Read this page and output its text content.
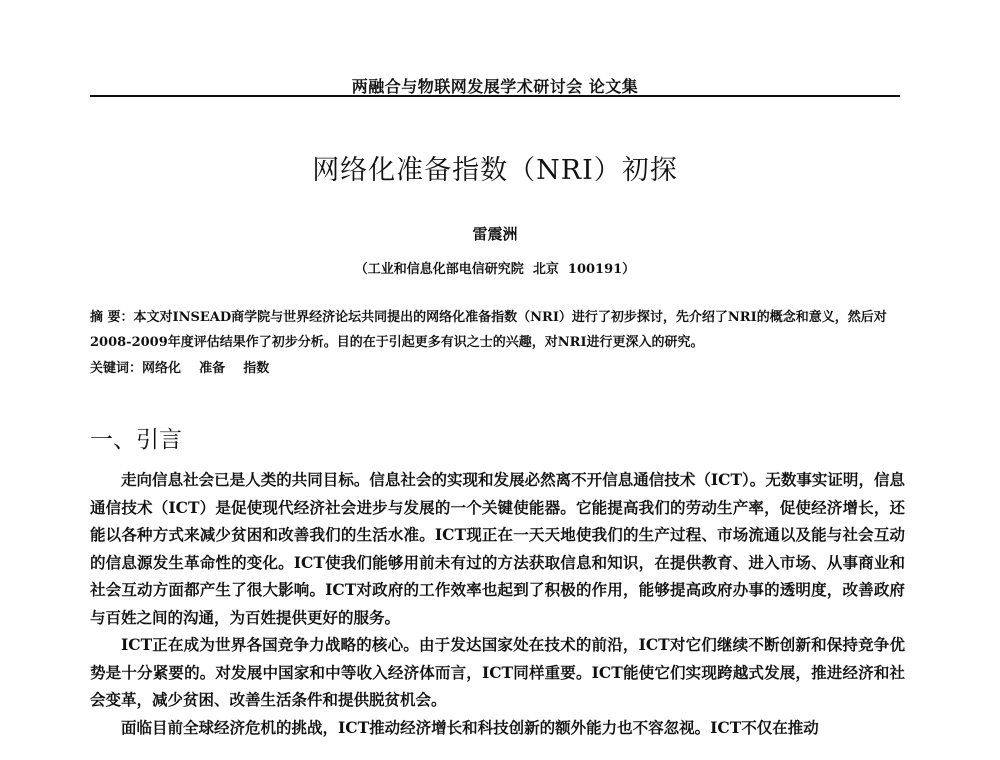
两融合与物联网发展学术研讨会 论文集
网络化准备指数（NRI）初探
雷震洲
（工业和信息化部电信研究院  北京  100191）
摘 要：本文对INSEAD商学院与世界经济论坛共同提出的网络化准备指数（NRI）进行了初步探讨，先介绍了NRI的概念和意义，然后对2008-2009年度评估结果作了初步分析。目的在于引起更多有识之士的兴趣，对NRI进行更深入的研究。
关键词：网络化    准备    指数
一、引言

走向信息社会已是人类的共同目标。信息社会的实现和发展必然离不开信息通信技术（ICT）。无数事实证明，信息通信技术（ICT）是促使现代经济社会进步与发展的一个关键使能器。它能提高我们的劳动生产率，促使经济增长，还能以各种方式来减少贫困和改善我们的生活水准。ICT现正在一天天地使我们的生产过程、市场流通以及能与社会互动的信息源发生革命性的变化。ICT使我们能够用前未有过的方法获取信息和知识，在提供教育、进入市场、从事商业和社会互动方面都产生了很大影响。ICT对政府的工作效率也起到了积极的作用，能够提高政府办事的透明度，改善政府与百姓之间的沟通，为百姓提供更好的服务。

ICT正在成为世界各国竞争力战略的核心。由于发达国家处在技术的前沿，ICT对它们继续不断创新和保持竞争优势是十分紧要的。对发展中国家和中等收入经济体而言，ICT同样重要。ICT能使它们实现跨越式发展，推进经济和社会变革，减少贫困、改善生活条件和提供脱贫机会。

面临目前全球经济危机的挑战，ICT推动经济增长和科技创新的额外能力也不容忽视。ICT不仅在推动
